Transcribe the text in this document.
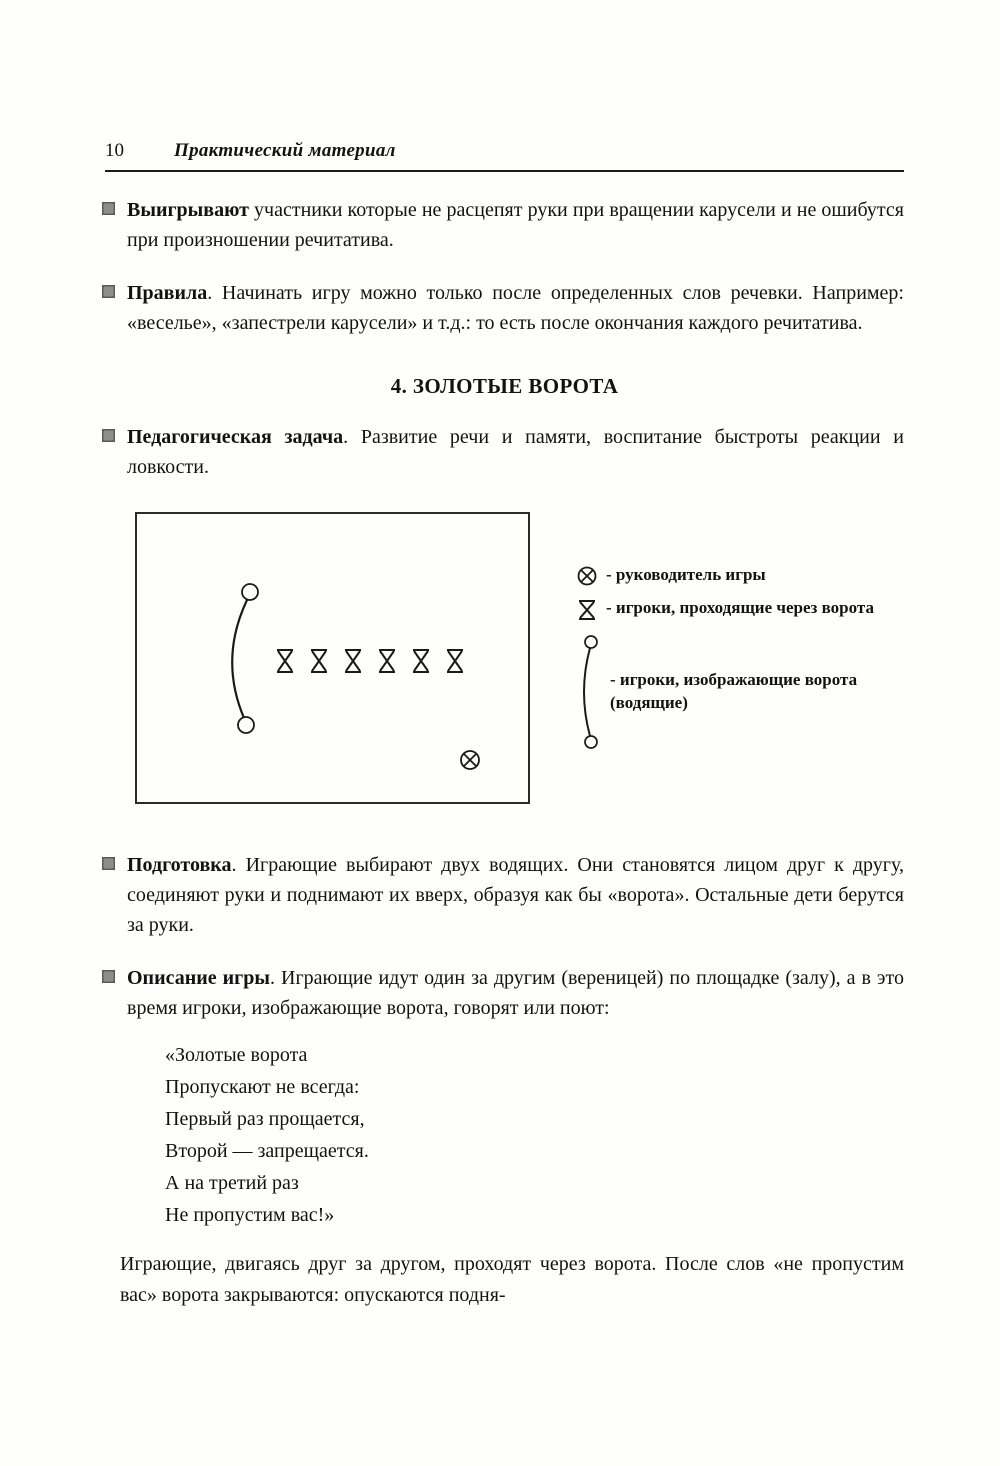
10	Практический материал

Выигрывают участники которые не расцепят руки при вращении карусели и не ошибутся при произношении речитатива.

Правила. Начинать игру можно только после определенных слов речевки. Например: «веселье», «запестрели карусели» и т.д.: то есть после окончания каждого речитатива.

4. ЗОЛОТЫЕ ВОРОТА

Педагогическая задача. Развитие речи и памяти, воспитание быстроты реакции и ловкости.

- руководитель игры
- игроки, проходящие через ворота
- игроки, изображающие ворота (водящие)

Подготовка. Играющие выбирают двух водящих. Они становятся лицом друг к другу, соединяют руки и поднимают их вверх, образуя как бы «ворота». Остальные дети берутся за руки.

Описание игры. Играющие идут один за другим (вереницей) по площадке (залу), а в это время игроки, изображающие ворота, говорят или поют:

«Золотые ворота
Пропускают не всегда:
Первый раз прощается,
Второй — запрещается.
А на третий раз
Не пропустим вас!»

Играющие, двигаясь друг за другом, проходят через ворота. После слов «не пропустим вас» ворота закрываются: опускаются подня-
